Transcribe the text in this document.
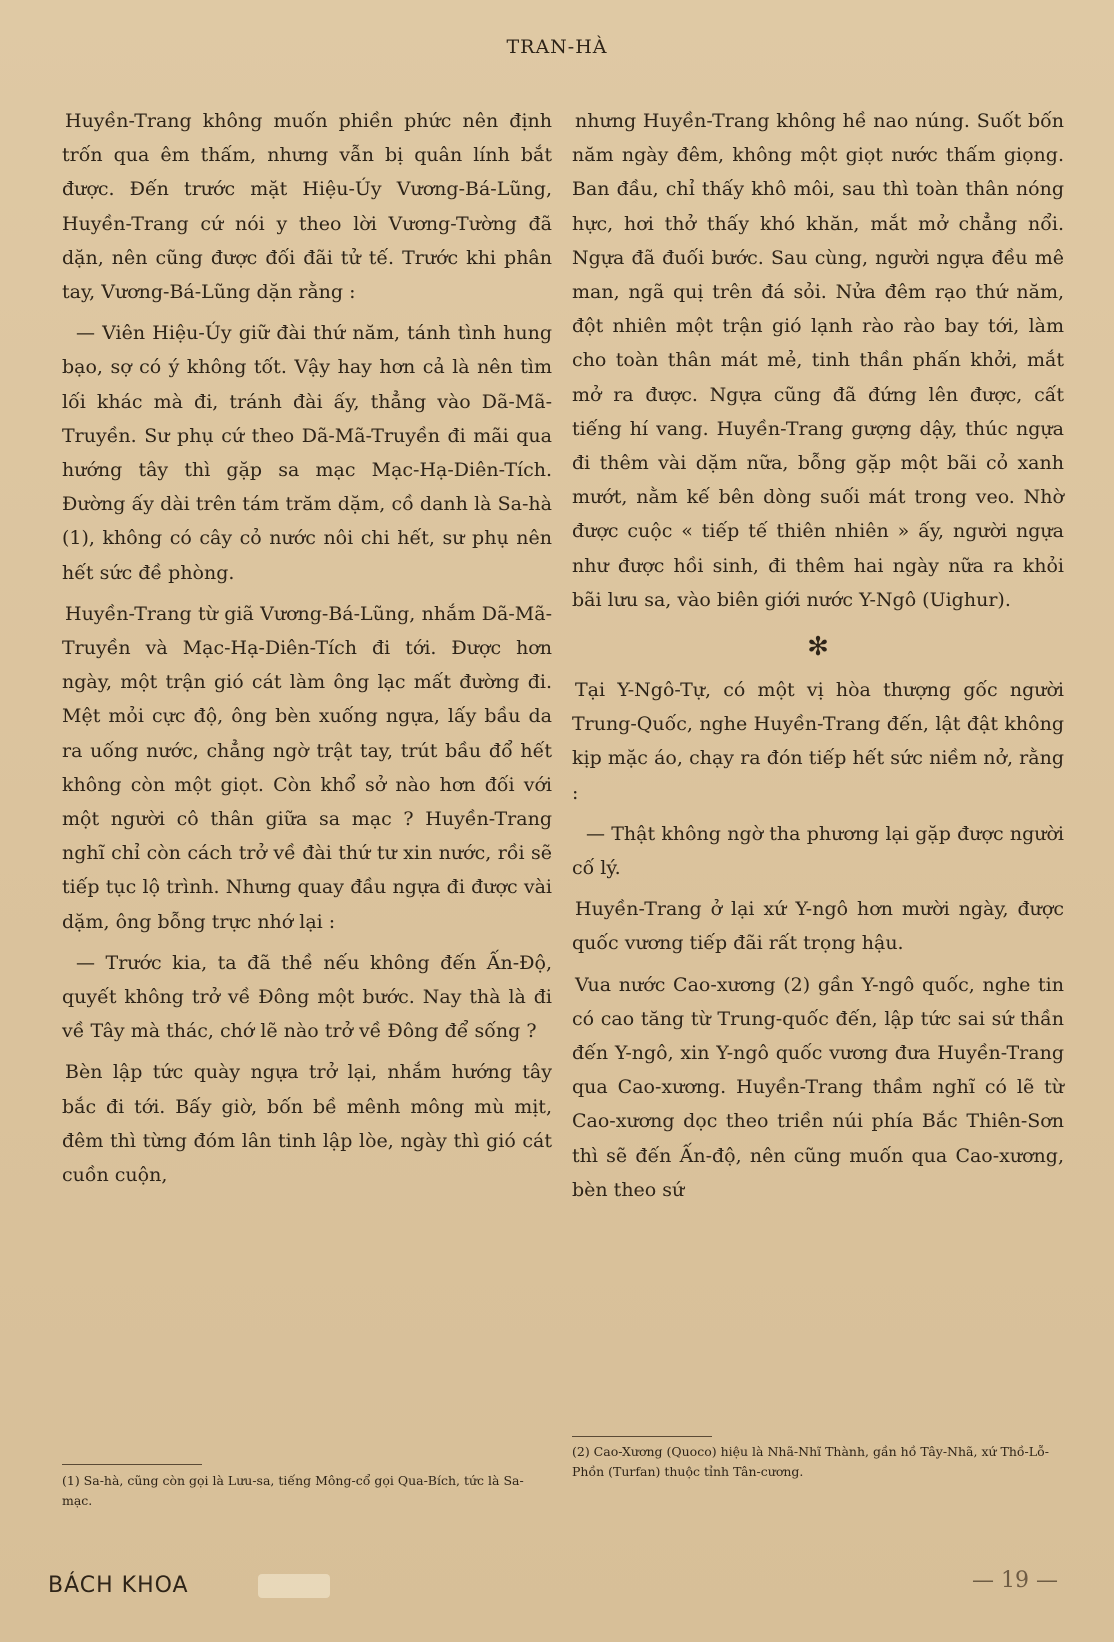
TRAN-HÀ

Huyền-Trang không muốn phiền phức nên định trốn qua êm thấm, nhưng vẫn bị quân lính bắt được. Đến trước mặt Hiệu-Úy Vương-Bá-Lũng, Huyền-Trang cứ nói y theo lời Vương-Tường đã dặn, nên cũng được đối đãi tử tế. Trước khi phân tay, Vương-Bá-Lũng dặn rằng :

— Viên Hiệu-Úy giữ đài thứ năm, tánh tình hung bạo, sợ có ý không tốt. Vậy hay hơn cả là nên tìm lối khác mà đi, tránh đài ấy, thẳng vào Dã-Mã-Truyền. Sư phụ cứ theo Dã-Mã-Truyền đi mãi qua hướng tây thì gặp sa mạc Mạc-Hạ-Diên-Tích. Đường ấy dài trên tám trăm dặm, cồ danh là Sa-hà (1), không có cây cỏ nước nôi chi hết, sư phụ nên hết sức đề phòng.

Huyền-Trang từ giã Vương-Bá-Lũng, nhắm Dã-Mã-Truyền và Mạc-Hạ-Diên-Tích đi tới. Được hơn ngày, một trận gió cát làm ông lạc mất đường đi. Mệt mỏi cực độ, ông bèn xuống ngựa, lấy bầu da ra uống nước, chẳng ngờ trật tay, trút bầu đổ hết không còn một giọt. Còn khổ sở nào hơn đối với một người cô thân giữa sa mạc ? Huyền-Trang nghĩ chỉ còn cách trở về đài thứ tư xin nước, rồi sẽ tiếp tục lộ trình. Nhưng quay đầu ngựa đi được vài dặm, ông bỗng trực nhớ lại :

— Trước kia, ta đã thề nếu không đến Ấn-Độ, quyết không trở về Đông một bước. Nay thà là đi về Tây mà thác, chớ lẽ nào trở về Đông để sống ?

Bèn lập tức quày ngựa trở lại, nhắm hướng tây bắc đi tới. Bấy giờ, bốn bề mênh mông mù mịt, đêm thì từng đóm lân tinh lập lòe, ngày thì gió cát cuồn cuộn,

(1) Sa-hà, cũng còn gọi là Lưu-sa, tiếng Mông-cổ gọi Qua-Bích, tức là Sa-mạc.

nhưng Huyền-Trang không hề nao núng. Suốt bốn năm ngày đêm, không một giọt nước thấm giọng. Ban đầu, chỉ thấy khô môi, sau thì toàn thân nóng hực, hơi thở thấy khó khăn, mắt mở chẳng nổi. Ngựa đã đuối bước. Sau cùng, người ngựa đều mê man, ngã quị trên đá sỏi. Nửa đêm rạo thứ năm, đột nhiên một trận gió lạnh rào rào bay tới, làm cho toàn thân mát mẻ, tinh thần phấn khởi, mắt mở ra được. Ngựa cũng đã đứng lên được, cất tiếng hí vang. Huyền-Trang gượng dậy, thúc ngựa đi thêm vài dặm nữa, bỗng gặp một bãi cỏ xanh mướt, nằm kế bên dòng suối mát trong veo. Nhờ được cuộc « tiếp tế thiên nhiên » ấy, người ngựa như được hồi sinh, đi thêm hai ngày nữa ra khỏi bãi lưu sa, vào biên giới nước Y-Ngô (Uighur).

✻

Tại Y-Ngô-Tự, có một vị hòa thượng gốc người Trung-Quốc, nghe Huyền-Trang đến, lật đật không kịp mặc áo, chạy ra đón tiếp hết sức niềm nở, rằng :

— Thật không ngờ tha phương lại gặp được người cố lý.

Huyền-Trang ở lại xứ Y-ngô hơn mười ngày, được quốc vương tiếp đãi rất trọng hậu.

Vua nước Cao-xương (2) gần Y-ngô quốc, nghe tin có cao tăng từ Trung-quốc đến, lập tức sai sứ thần đến Y-ngô, xin Y-ngô quốc vương đưa Huyền-Trang qua Cao-xương. Huyền-Trang thầm nghĩ có lẽ từ Cao-xương dọc theo triền núi phía Bắc Thiên-Sơn thì sẽ đến Ấn-độ, nên cũng muốn qua Cao-xương, bèn theo sứ

(2) Cao-Xương (Quoco) hiệu là Nhã-Nhĩ Thành, gần hồ Tây-Nhã, xứ Thồ-Lỗ-Phồn (Turfan) thuộc tỉnh Tân-cương.
BÁCH KHOA	— 19 —
